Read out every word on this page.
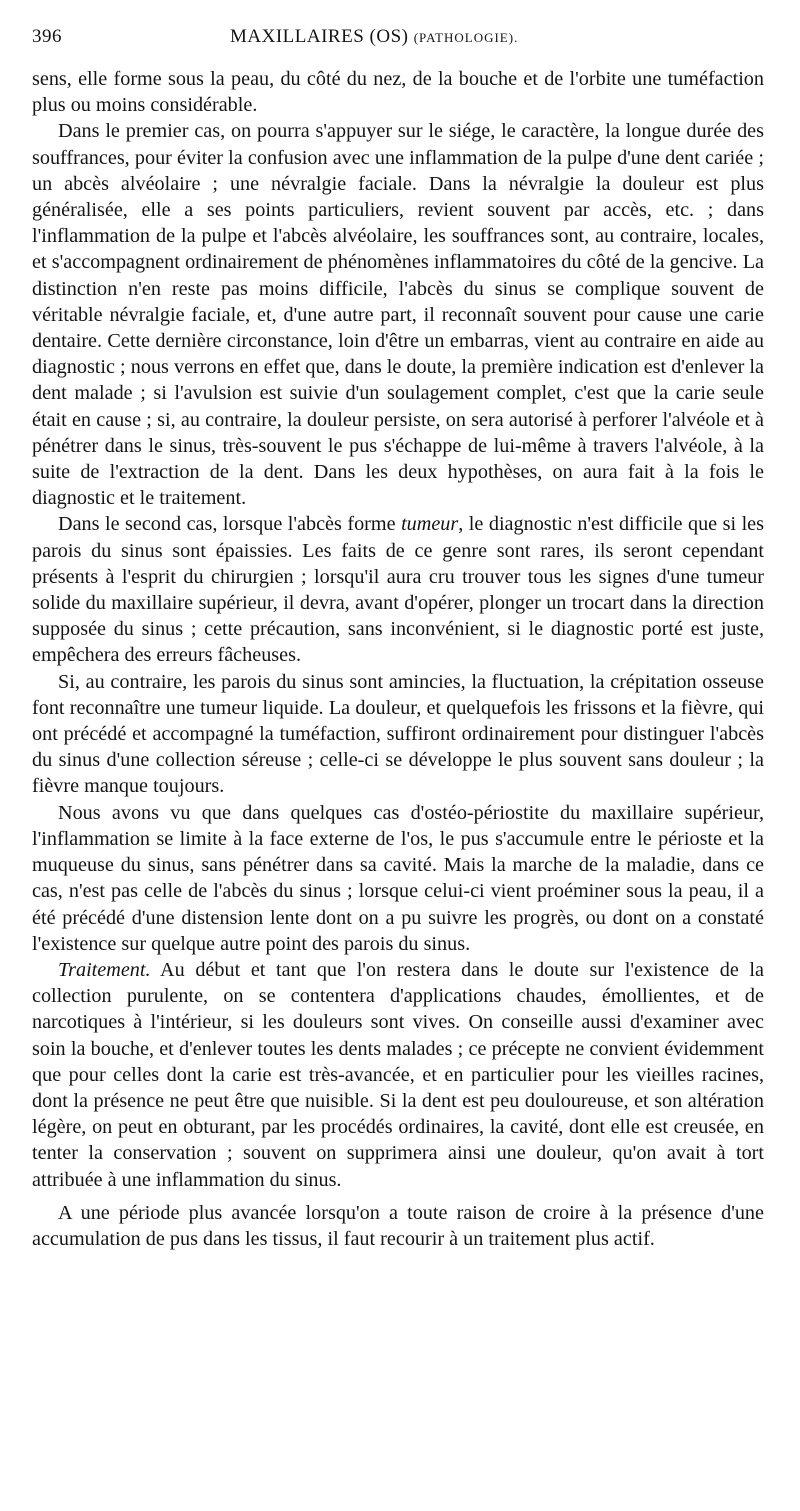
396	MAXILLAIRES (OS) (PATHOLOGIE).

sens, elle forme sous la peau, du côté du nez, de la bouche et de l'orbite une tuméfaction plus ou moins considérable.

Dans le premier cas, on pourra s'appuyer sur le siége, le caractère, la longue durée des souffrances, pour éviter la confusion avec une inflammation de la pulpe d'une dent cariée ; un abcès alvéolaire ; une névralgie faciale. Dans la névralgie la douleur est plus généralisée, elle a ses points particuliers, revient souvent par accès, etc. ; dans l'inflammation de la pulpe et l'abcès alvéolaire, les souffrances sont, au contraire, locales, et s'accompagnent ordinairement de phénomènes inflammatoires du côté de la gencive. La distinction n'en reste pas moins difficile, l'abcès du sinus se complique souvent de véritable névralgie faciale, et, d'une autre part, il reconnaît souvent pour cause une carie dentaire. Cette dernière circonstance, loin d'être un embarras, vient au contraire en aide au diagnostic ; nous verrons en effet que, dans le doute, la première indication est d'enlever la dent malade ; si l'avulsion est suivie d'un soulagement complet, c'est que la carie seule était en cause ; si, au contraire, la douleur persiste, on sera autorisé à perforer l'alvéole et à pénétrer dans le sinus, très-souvent le pus s'échappe de lui-même à travers l'alvéole, à la suite de l'extraction de la dent. Dans les deux hypothèses, on aura fait à la fois le diagnostic et le traitement.

Dans le second cas, lorsque l'abcès forme tumeur, le diagnostic n'est difficile que si les parois du sinus sont épaissies. Les faits de ce genre sont rares, ils seront cependant présents à l'esprit du chirurgien ; lorsqu'il aura cru trouver tous les signes d'une tumeur solide du maxillaire supérieur, il devra, avant d'opérer, plonger un trocart dans la direction supposée du sinus ; cette précaution, sans inconvénient, si le diagnostic porté est juste, empêchera des erreurs fâcheuses.

Si, au contraire, les parois du sinus sont amincies, la fluctuation, la crépitation osseuse font reconnaître une tumeur liquide. La douleur, et quelquefois les frissons et la fièvre, qui ont précédé et accompagné la tuméfaction, suffiront ordinairement pour distinguer l'abcès du sinus d'une collection séreuse ; celle-ci se développe le plus souvent sans douleur ; la fièvre manque toujours.

Nous avons vu que dans quelques cas d'ostéo-périostite du maxillaire supérieur, l'inflammation se limite à la face externe de l'os, le pus s'accumule entre le périoste et la muqueuse du sinus, sans pénétrer dans sa cavité. Mais la marche de la maladie, dans ce cas, n'est pas celle de l'abcès du sinus ; lorsque celui-ci vient proéminer sous la peau, il a été précédé d'une distension lente dont on a pu suivre les progrès, ou dont on a constaté l'existence sur quelque autre point des parois du sinus.

Traitement. Au début et tant que l'on restera dans le doute sur l'existence de la collection purulente, on se contentera d'applications chaudes, émollientes, et de narcotiques à l'intérieur, si les douleurs sont vives. On conseille aussi d'examiner avec soin la bouche, et d'enlever toutes les dents malades ; ce précepte ne convient évidemment que pour celles dont la carie est très-avancée, et en particulier pour les vieilles racines, dont la présence ne peut être que nuisible. Si la dent est peu douloureuse, et son altération légère, on peut en obturant, par les procédés ordinaires, la cavité, dont elle est creusée, en tenter la conservation ; souvent on supprimera ainsi une douleur, qu'on avait à tort attribuée à une inflammation du sinus.

A une période plus avancée lorsqu'on a toute raison de croire à la présence d'une accumulation de pus dans les tissus, il faut recourir à un traitement plus actif.
